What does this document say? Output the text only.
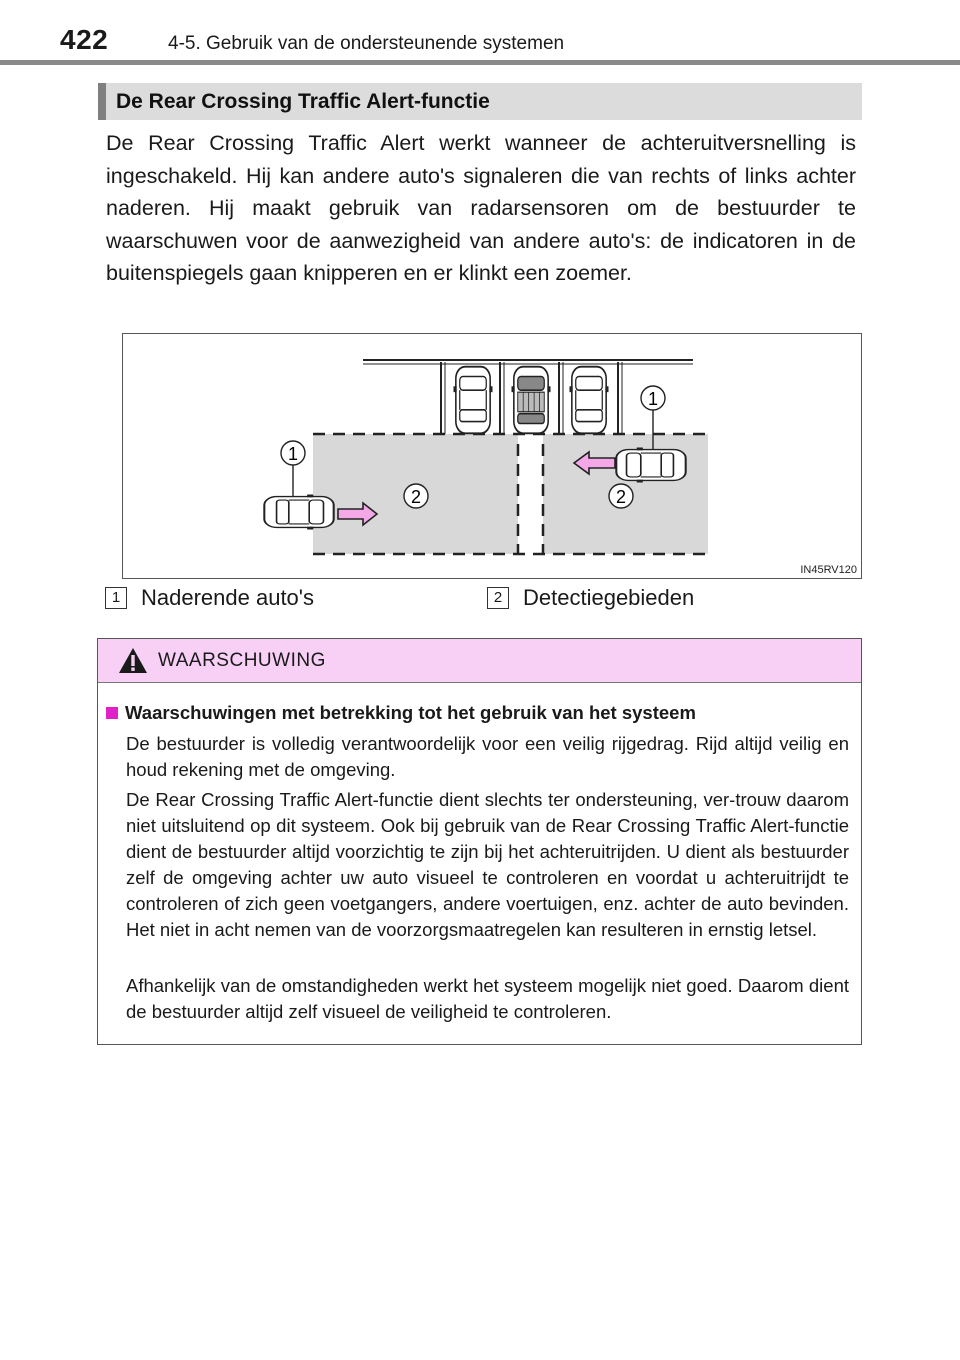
422	4-5. Gebruik van de ondersteunende systemen
De Rear Crossing Traffic Alert-functie

De Rear Crossing Traffic Alert werkt wanneer de achteruitversnelling is ingeschakeld. Hij kan andere auto's signaleren die van rechts of links achter naderen. Hij maakt gebruik van radarsensoren om de bestuurder te waarschuwen voor de aanwezigheid van andere auto's: de indicatoren in de buitenspiegels gaan knipperen en er klinkt een zoemer.

1
1
2	2
IN45RV120
1 Naderende auto's	2 Detectiegebieden
WAARSCHUWING
Waarschuwingen met betrekking tot het gebruik van het systeem

De bestuurder is volledig verantwoordelijk voor een veilig rijgedrag. Rijd altijd veilig en houd rekening met de omgeving.

De Rear Crossing Traffic Alert-functie dient slechts ter ondersteuning, ver-trouw daarom niet uitsluitend op dit systeem. Ook bij gebruik van de Rear Crossing Traffic Alert-functie dient de bestuurder altijd voorzichtig te zijn bij het achteruitrijden. U dient als bestuurder zelf de omgeving achter uw auto visueel te controleren en voordat u achteruitrijdt te controleren of zich geen voetgangers, andere voertuigen, enz. achter de auto bevinden. Het niet in acht nemen van de voorzorgsmaatregelen kan resulteren in ernstig letsel.

Afhankelijk van de omstandigheden werkt het systeem mogelijk niet goed. Daarom dient de bestuurder altijd zelf visueel de veiligheid te controleren.
